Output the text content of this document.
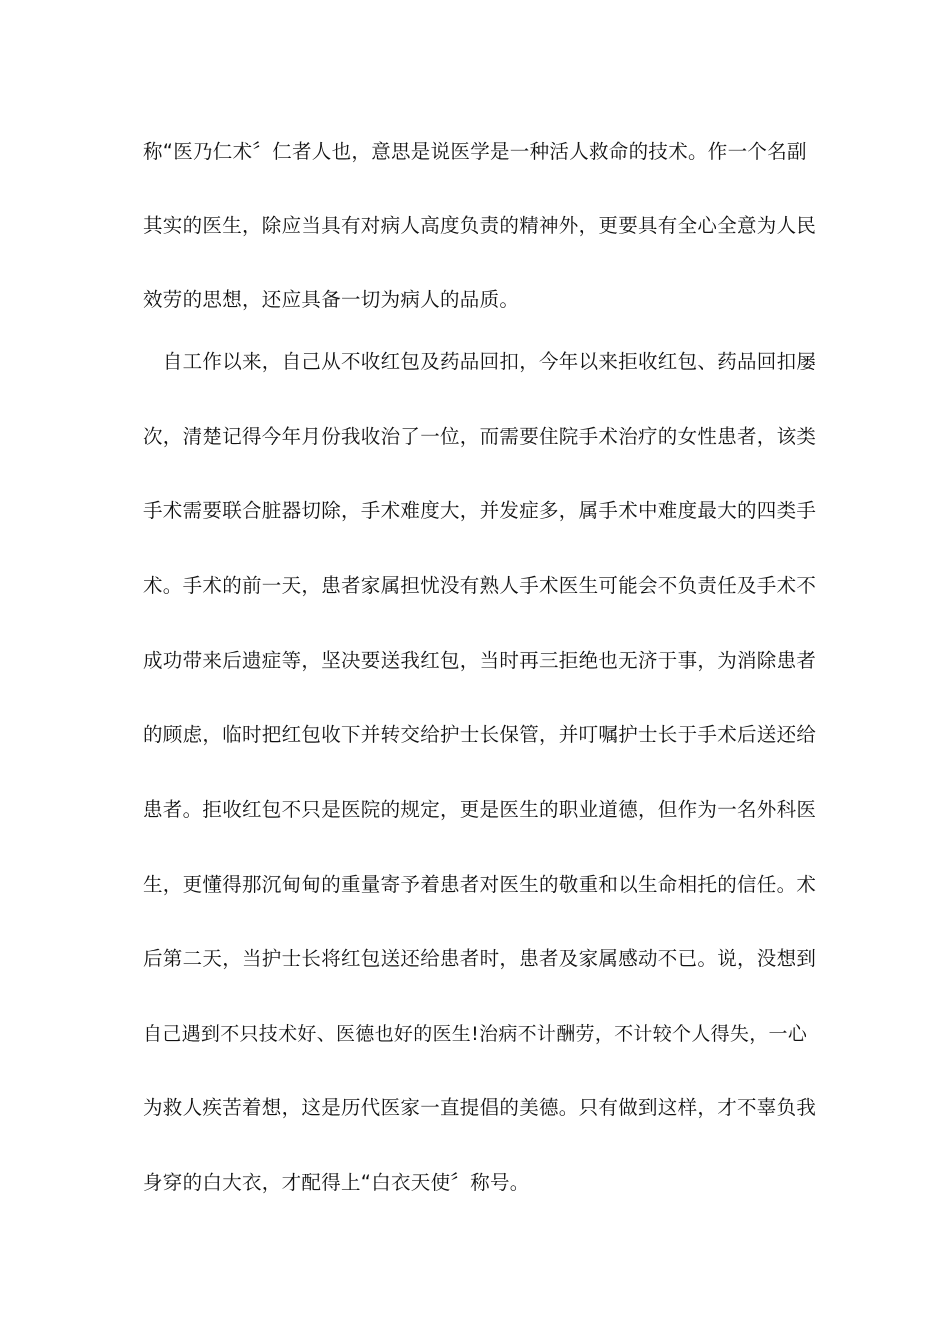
称“医乃仁术〞仁者人也，意思是说医学是一种活人救命的技术。作一个名副
其实的医生，除应当具有对病人高度负责的精神外，更要具有全心全意为人民
效劳的思想，还应具备一切为病人的品质。
　自工作以来，自己从不收红包及药品回扣，今年以来拒收红包、药品回扣屡
次，清楚记得今年月份我收治了一位，而需要住院手术治疗的女性患者，该类
手术需要联合脏器切除，手术难度大，并发症多，属手术中难度最大的四类手
术。手术的前一天，患者家属担忧没有熟人手术医生可能会不负责任及手术不
成功带来后遗症等，坚决要送我红包，当时再三拒绝也无济于事，为消除患者
的顾虑，临时把红包收下并转交给护士长保管，并叮嘱护士长于手术后送还给
患者。拒收红包不只是医院的规定，更是医生的职业道德，但作为一名外科医
生，更懂得那沉甸甸的重量寄予着患者对医生的敬重和以生命相托的信任。术
后第二天，当护士长将红包送还给患者时，患者及家属感动不已。说，没想到
自己遇到不只技术好、医德也好的医生!治病不计酬劳，不计较个人得失，一心
为救人疾苦着想，这是历代医家一直提倡的美德。只有做到这样，才不辜负我
身穿的白大衣，才配得上“白衣天使〞称号。
